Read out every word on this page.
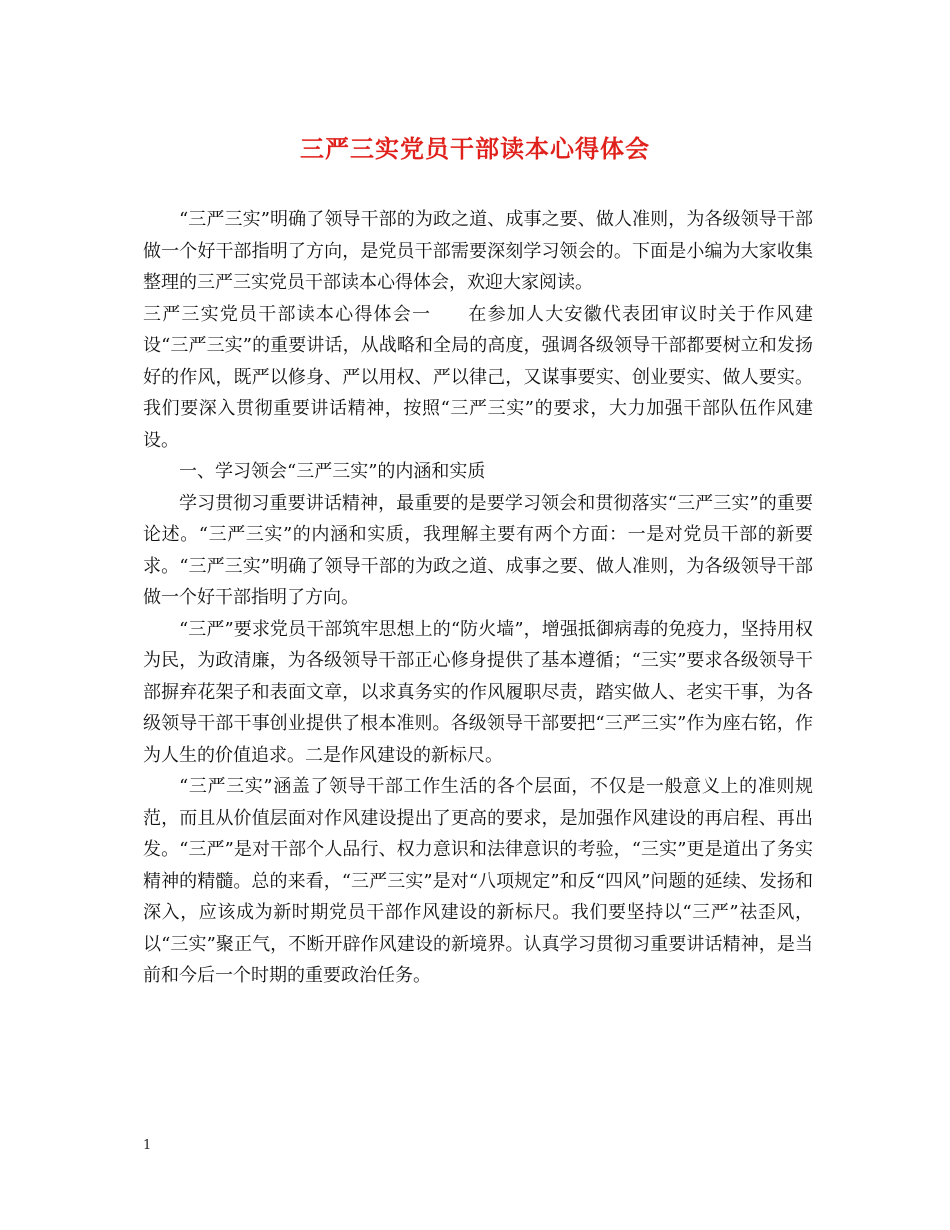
三严三实党员干部读本心得体会

“三严三实”明确了领导干部的为政之道、成事之要、做人准则，为各级领导干部做一个好干部指明了方向，是党员干部需要深刻学习领会的。下面是小编为大家收集整理的三严三实党员干部读本心得体会，欢迎大家阅读。

三严三实党员干部读本心得体会一 在参加人大安徽代表团审议时关于作风建设“三严三实”的重要讲话，从战略和全局的高度，强调各级领导干部都要树立和发扬好的作风，既严以修身、严以用权、严以律己，又谋事要实、创业要实、做人要实。我们要深入贯彻重要讲话精神，按照“三严三实”的要求，大力加强干部队伍作风建设。

一、学习领会“三严三实”的内涵和实质

学习贯彻习重要讲话精神，最重要的是要学习领会和贯彻落实“三严三实”的重要论述。“三严三实”的内涵和实质，我理解主要有两个方面：一是对党员干部的新要求。“三严三实”明确了领导干部的为政之道、成事之要、做人准则，为各级领导干部做一个好干部指明了方向。

“三严”要求党员干部筑牢思想上的“防火墙”，增强抵御病毒的免疫力，坚持用权为民，为政清廉，为各级领导干部正心修身提供了基本遵循；“三实”要求各级领导干部摒弃花架子和表面文章，以求真务实的作风履职尽责，踏实做人、老实干事，为各级领导干部干事创业提供了根本准则。各级领导干部要把“三严三实”作为座右铭，作为人生的价值追求。二是作风建设的新标尺。

“三严三实”涵盖了领导干部工作生活的各个层面，不仅是一般意义上的准则规范，而且从价值层面对作风建设提出了更高的要求，是加强作风建设的再启程、再出发。“三严”是对干部个人品行、权力意识和法律意识的考验，“三实”更是道出了务实精神的精髓。总的来看，“三严三实”是对“八项规定”和反“四风”问题的延续、发扬和深入，应该成为新时期党员干部作风建设的新标尺。我们要坚持以“三严”祛歪风，以“三实”聚正气，不断开辟作风建设的新境界。认真学习贯彻习重要讲话精神，是当前和今后一个时期的重要政治任务。

1
